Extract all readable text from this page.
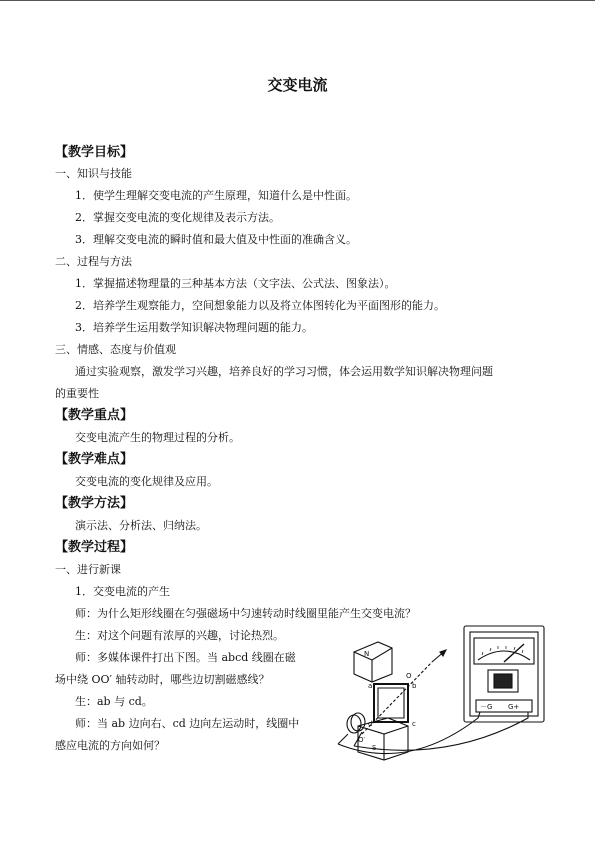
交变电流
【教学目标】
一、知识与技能
1．使学生理解交变电流的产生原理，知道什么是中性面。
2．掌握交变电流的变化规律及表示方法。
3．理解交变电流的瞬时值和最大值及中性面的准确含义。
二、过程与方法
1．掌握描述物理量的三种基本方法（文字法、公式法、图象法）。
2．培养学生观察能力，空间想象能力以及将立体图转化为平面图形的能力。
3．培养学生运用数学知识解决物理问题的能力。
三、情感、态度与价值观
通过实验观察，激发学习兴趣，培养良好的学习习惯，体会运用数学知识解决物理问题
的重要性
【教学重点】
交变电流产生的物理过程的分析。
【教学难点】
交变电流的变化规律及应用。
【教学方法】
演示法、分析法、归纳法。
【教学过程】
一、进行新课
1．交变电流的产生
师：为什么矩形线圈在匀强磁场中匀速转动时线圈里能产生交变电流？
生：对这个问题有浓厚的兴趣，讨论热烈。
师：多媒体课件打出下图。当 abcd 线圈在磁
场中绕 OO′ 轴转动时，哪些边切割磁感线？
生：ab 与 cd。
师：当 ab 边向右、cd 边向左运动时，线圈中
感应电流的方向如何？
－G G+
N
O
O′
a	b
c
d
S
